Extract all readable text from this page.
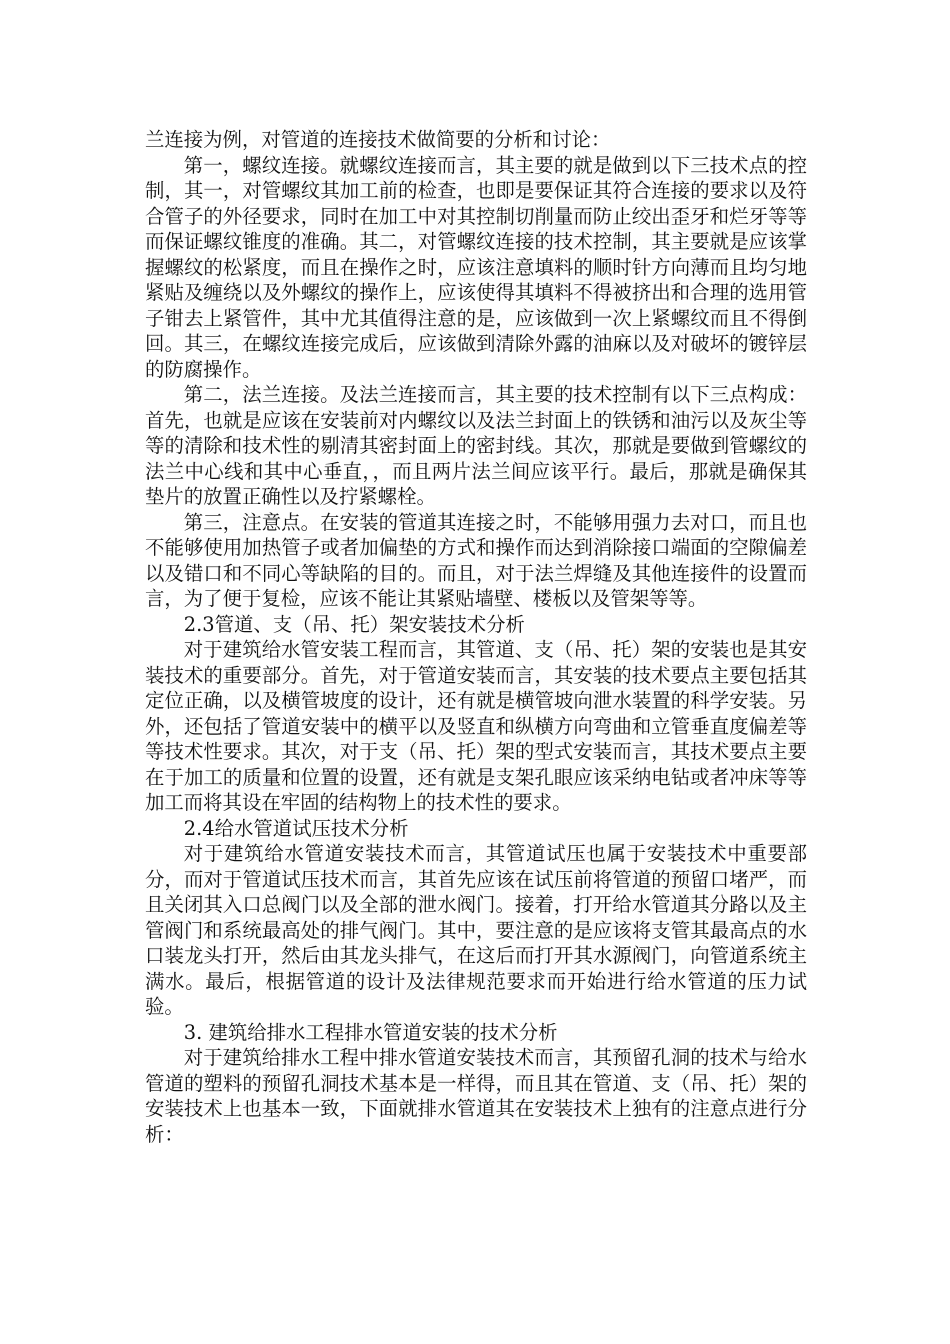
兰连接为例，对管道的连接技术做简要的分析和讨论：

第一，螺纹连接。就螺纹连接而言，其主要的就是做到以下三技术点的控制，其一，对管螺纹其加工前的检查，也即是要保证其符合连接的要求以及符合管子的外径要求，同时在加工中对其控制切削量而防止绞出歪牙和烂牙等等而保证螺纹锥度的准确。其二，对管螺纹连接的技术控制，其主要就是应该掌握螺纹的松紧度，而且在操作之时，应该注意填料的顺时针方向薄而且均匀地紧贴及缠绕以及外螺纹的操作上，应该使得其填料不得被挤出和合理的选用管子钳去上紧管件，其中尤其值得注意的是，应该做到一次上紧螺纹而且不得倒回。其三，在螺纹连接完成后，应该做到清除外露的油麻以及对破坏的镀锌层的防腐操作。

第二，法兰连接。及法兰连接而言，其主要的技术控制有以下三点构成：首先，也就是应该在安装前对内螺纹以及法兰封面上的铁锈和油污以及灰尘等等的清除和技术性的剔清其密封面上的密封线。其次，那就是要做到管螺纹的法兰中心线和其中心垂直，，而且两片法兰间应该平行。最后，那就是确保其垫片的放置正确性以及拧紧螺栓。

第三，注意点。在安装的管道其连接之时，不能够用强力去对口，而且也不能够使用加热管子或者加偏垫的方式和操作而达到消除接口端面的空隙偏差以及错口和不同心等缺陷的目的。而且，对于法兰焊缝及其他连接件的设置而言，为了便于复检，应该不能让其紧贴墙壁、楼板以及管架等等。

2.3管道、支（吊、托）架安装技术分析

对于建筑给水管安装工程而言，其管道、支（吊、托）架的安装也是其安装技术的重要部分。首先，对于管道安装而言，其安装的技术要点主要包括其定位正确，以及横管坡度的设计，还有就是横管坡向泄水装置的科学安装。另外，还包括了管道安装中的横平以及竖直和纵横方向弯曲和立管垂直度偏差等等技术性要求。其次，对于支（吊、托）架的型式安装而言，其技术要点主要在于加工的质量和位置的设置，还有就是支架孔眼应该采纳电钻或者冲床等等加工而将其设在牢固的结构物上的技术性的要求。

2.4给水管道试压技术分析

对于建筑给水管道安装技术而言，其管道试压也属于安装技术中重要部分，而对于管道试压技术而言，其首先应该在试压前将管道的预留口堵严，而且关闭其入口总阀门以及全部的泄水阀门。接着，打开给水管道其分路以及主管阀门和系统最高处的排气阀门。其中，要注意的是应该将支管其最高点的水口装龙头打开，然后由其龙头排气，在这后而打开其水源阀门，向管道系统主满水。最后，根据管道的设计及法律规范要求而开始进行给水管道的压力试验。

3. 建筑给排水工程排水管道安装的技术分析

对于建筑给排水工程中排水管道安装技术而言，其预留孔洞的技术与给水管道的塑料的预留孔洞技术基本是一样得，而且其在管道、支（吊、托）架的安装技术上也基本一致，下面就排水管道其在安装技术上独有的注意点进行分析：
